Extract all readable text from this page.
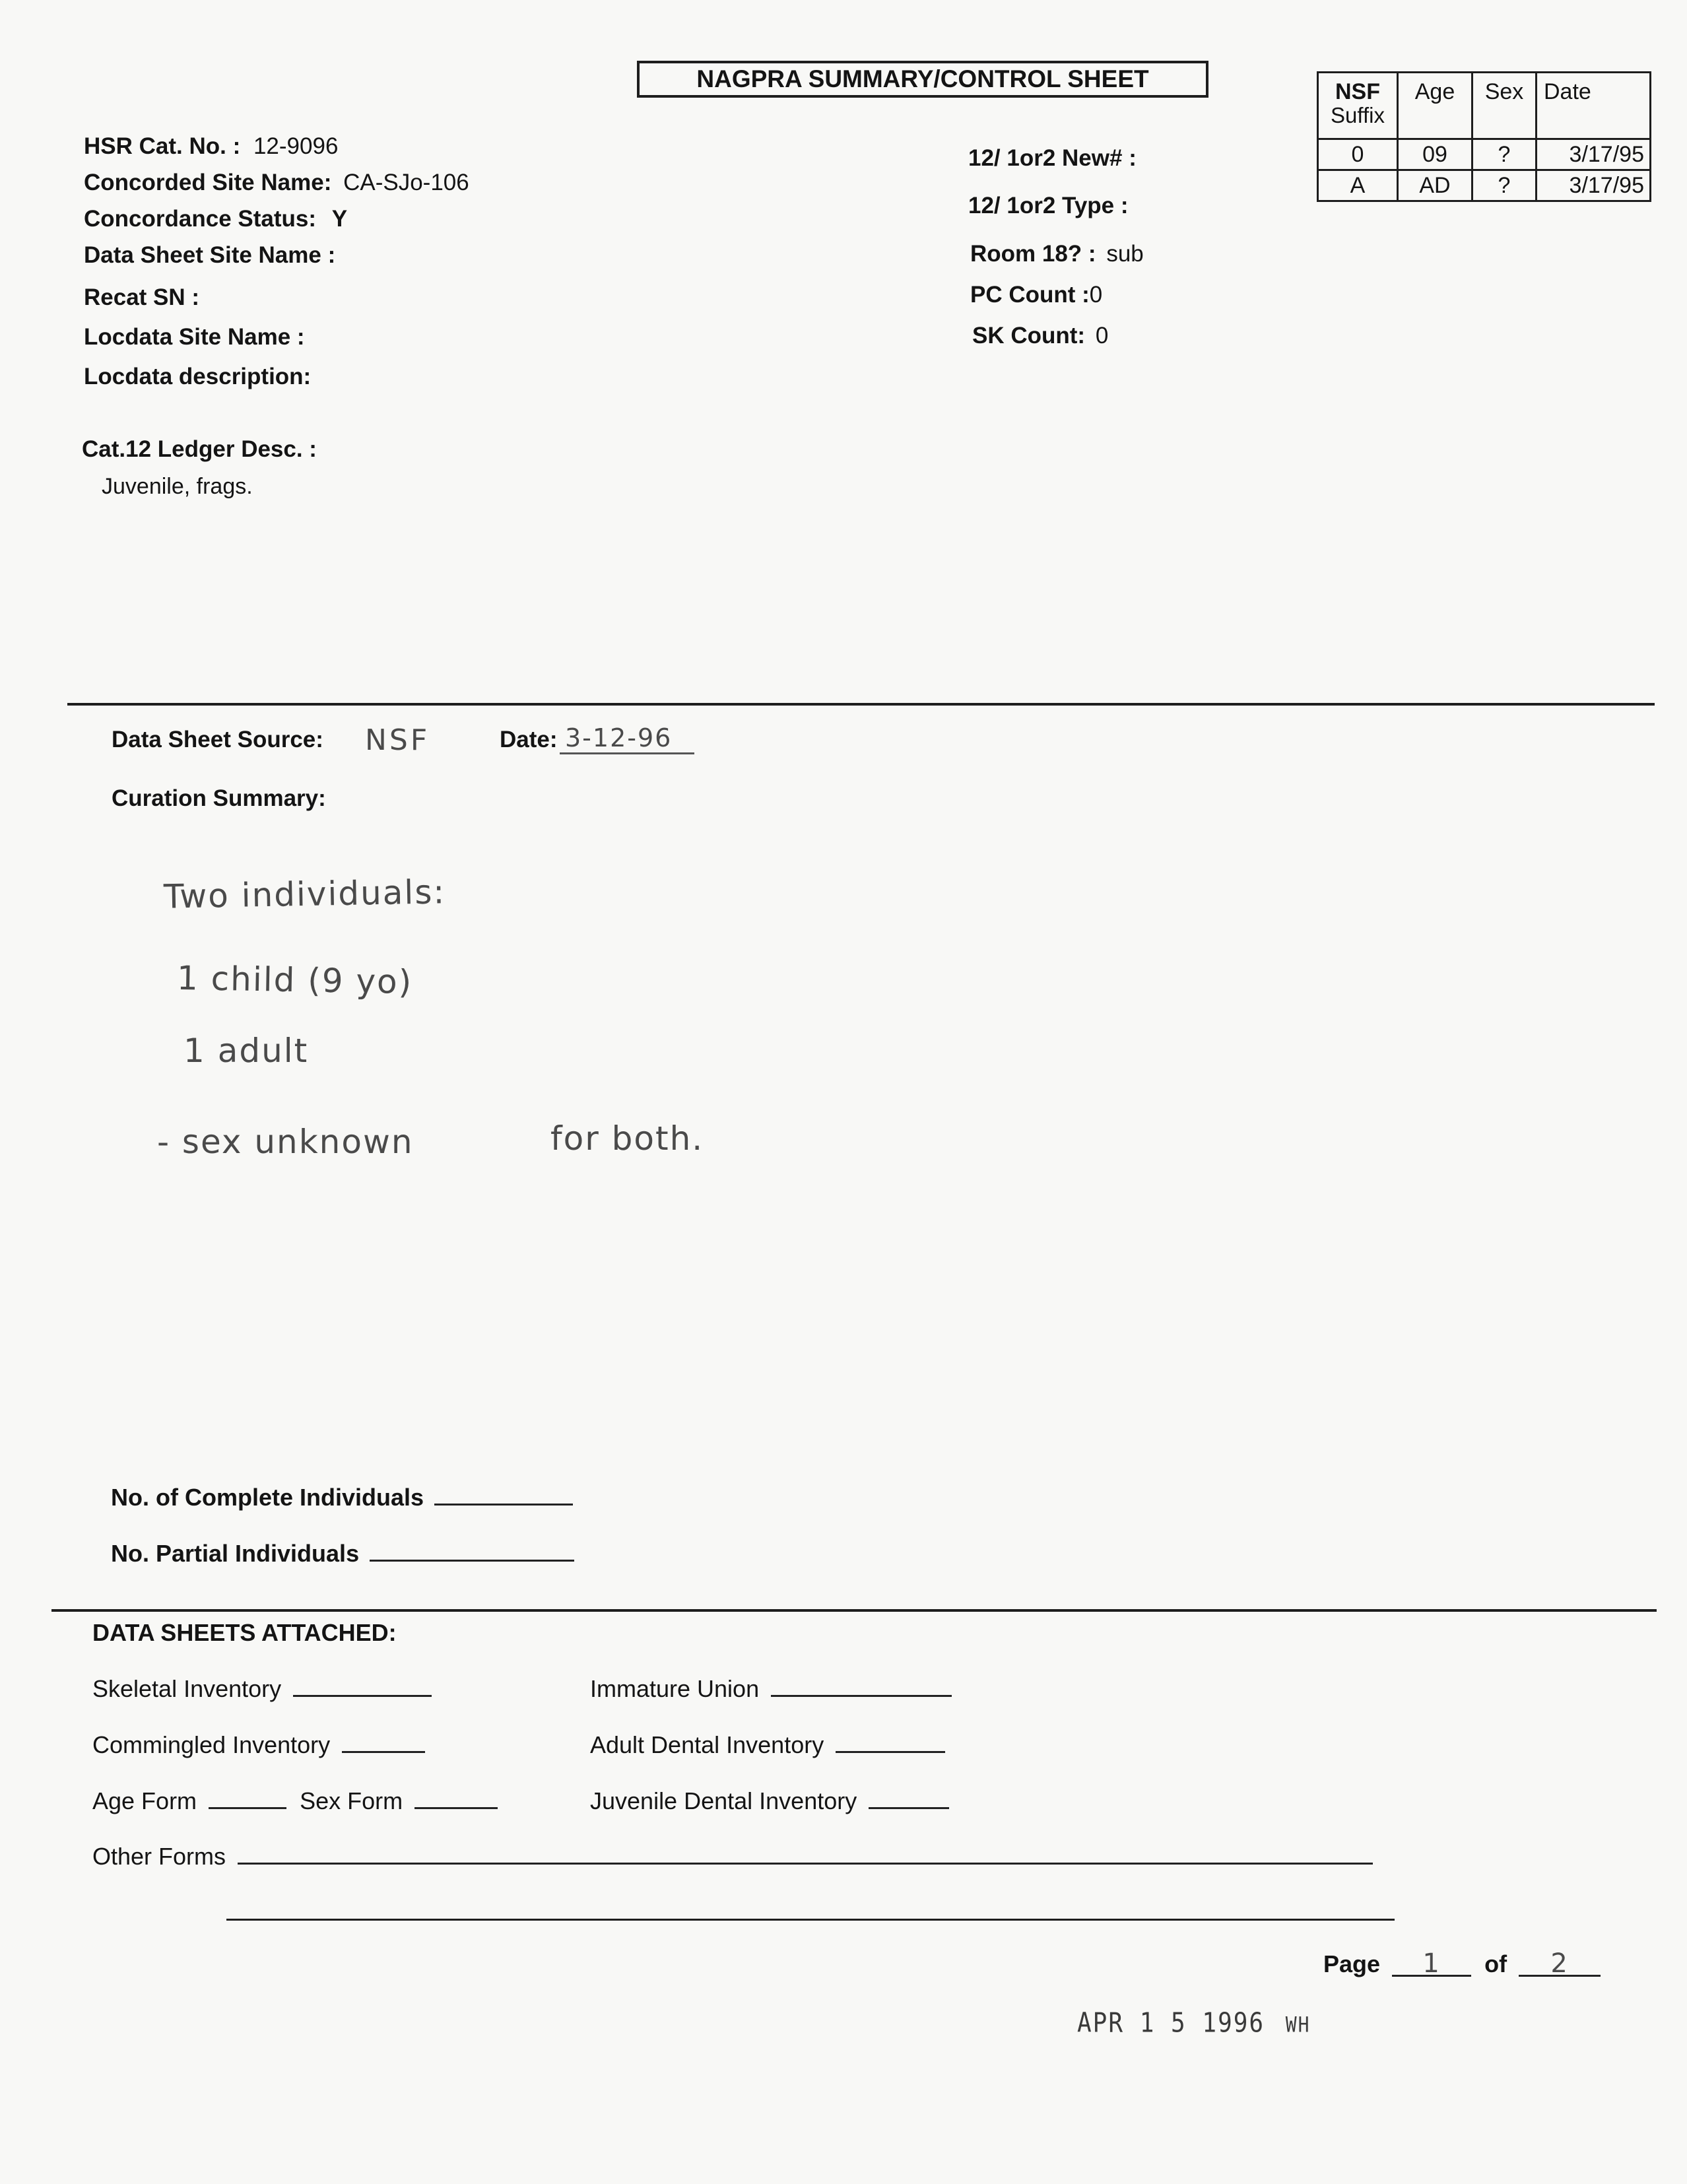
NAGPRA SUMMARY/CONTROL SHEET
HSR Cat. No. : 12-9096
Concorded Site Name: CA-SJo-106
Concordance Status: Y
Data Sheet Site Name :
Recat SN :
Locdata Site Name :
Locdata description:
Cat.12 Ledger Desc. :
Juvenile, frags.
12/ 1or2 New# :
12/ 1or2 Type :
Room 18? : sub
PC Count :0
SK Count: 0
NSF
Suffix	Age	Sex	Date
0	09	?	3/17/95
A	AD	?	3/17/95
Data Sheet Source: NSF	Date: 3-12-96
Curation Summary:
Two individuals:
1 child (9 yo)
1 adult
- sex unknown	for both.
No. of Complete Individuals
No. Partial Individuals
DATA SHEETS ATTACHED:
Skeletal Inventory	Immature Union
Commingled Inventory	Adult Dental Inventory
Age Form	Sex Form	Juvenile Dental Inventory
Other Forms
Page 1 of 2
APR 1 5 1996 WH
